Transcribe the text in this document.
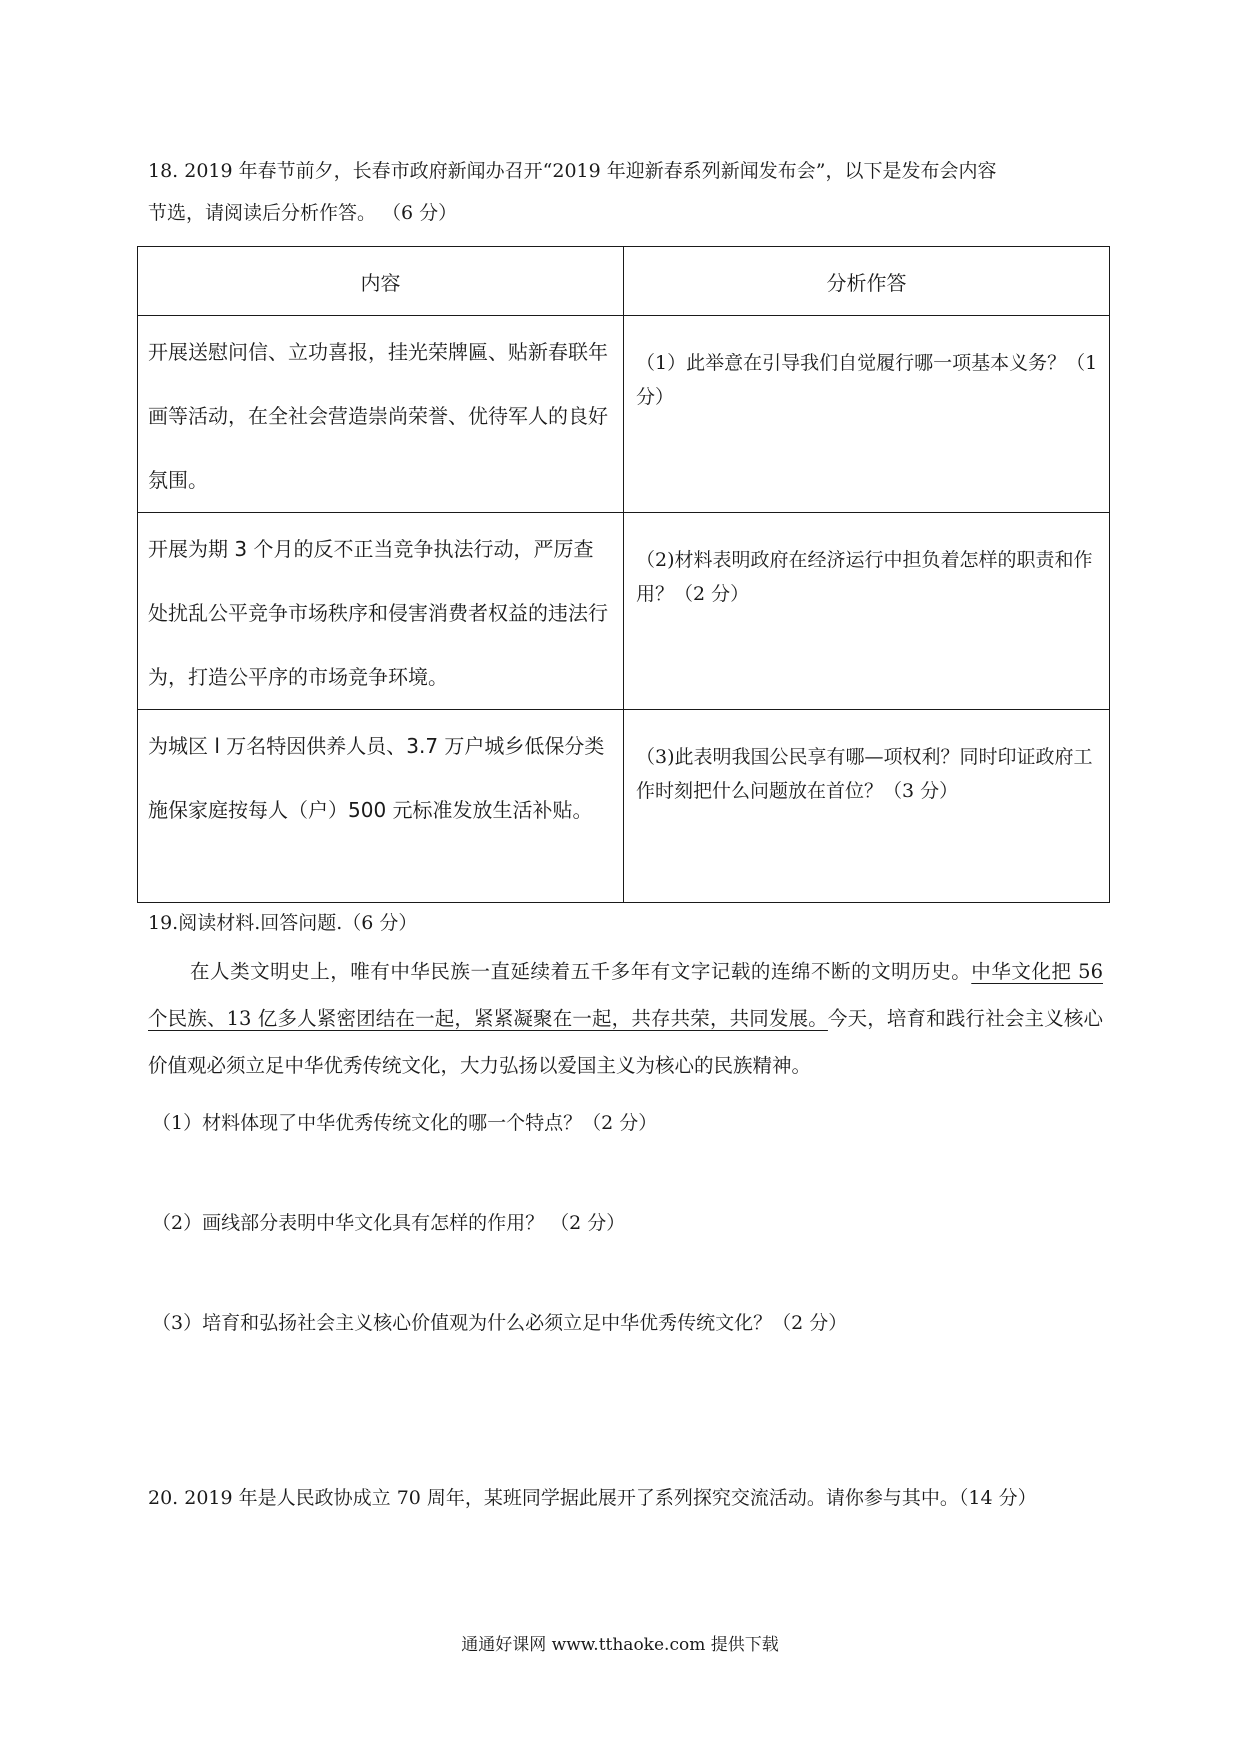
18. 2019 年春节前夕，长春市政府新闻办召开“2019 年迎新春系列新闻发布会”，以下是发布会内容
节选，请阅读后分析作答。 （6 分）
内容	分析作答
开展送慰问信、立功喜报，挂光荣牌匾、贴新春联年画等活动，在全社会营造崇尚荣誉、优待军人的良好氛围。	（1）此举意在引导我们自觉履行哪一项基本义务？（1 分）
开展为期 3 个月的反不正当竞争执法行动，严厉查处扰乱公平竞争市场秩序和侵害消费者权益的违法行为，打造公平序的市场竞争环境。	（2)材料表明政府在经济运行中担负着怎样的职责和作用？（2 分）
为城区 l 万名特因供养人员、3.7 万户城乡低保分类施保家庭按每人（户）500 元标准发放生活补贴。	（3)此表明我国公民享有哪—项权利？同时印证政府工作时刻把什么问题放在首位？（3 分）
19.阅读材料.回答问题.（6 分）
在人类文明史上，唯有中华民族一直延续着五千多年有文字记载的连绵不断的文明历史。中华文化把 56 个民族、13 亿多人紧密团结在一起，紧紧凝聚在一起，共存共荣，共同发展。今天，培育和践行社会主义核心价值观必须立足中华优秀传统文化，大力弘扬以爱国主义为核心的民族精神。
（1）材料体现了中华优秀传统文化的哪一个特点？（2 分）
（2）画线部分表明中华文化具有怎样的作用？ （2 分）
（3）培育和弘扬社会主义核心价值观为什么必须立足中华优秀传统文化？（2 分）
20. 2019 年是人民政协成立 70 周年，某班同学据此展开了系列探究交流活动。请你参与其中。（14 分）
通通好课网 www.tthaoke.com 提供下载
